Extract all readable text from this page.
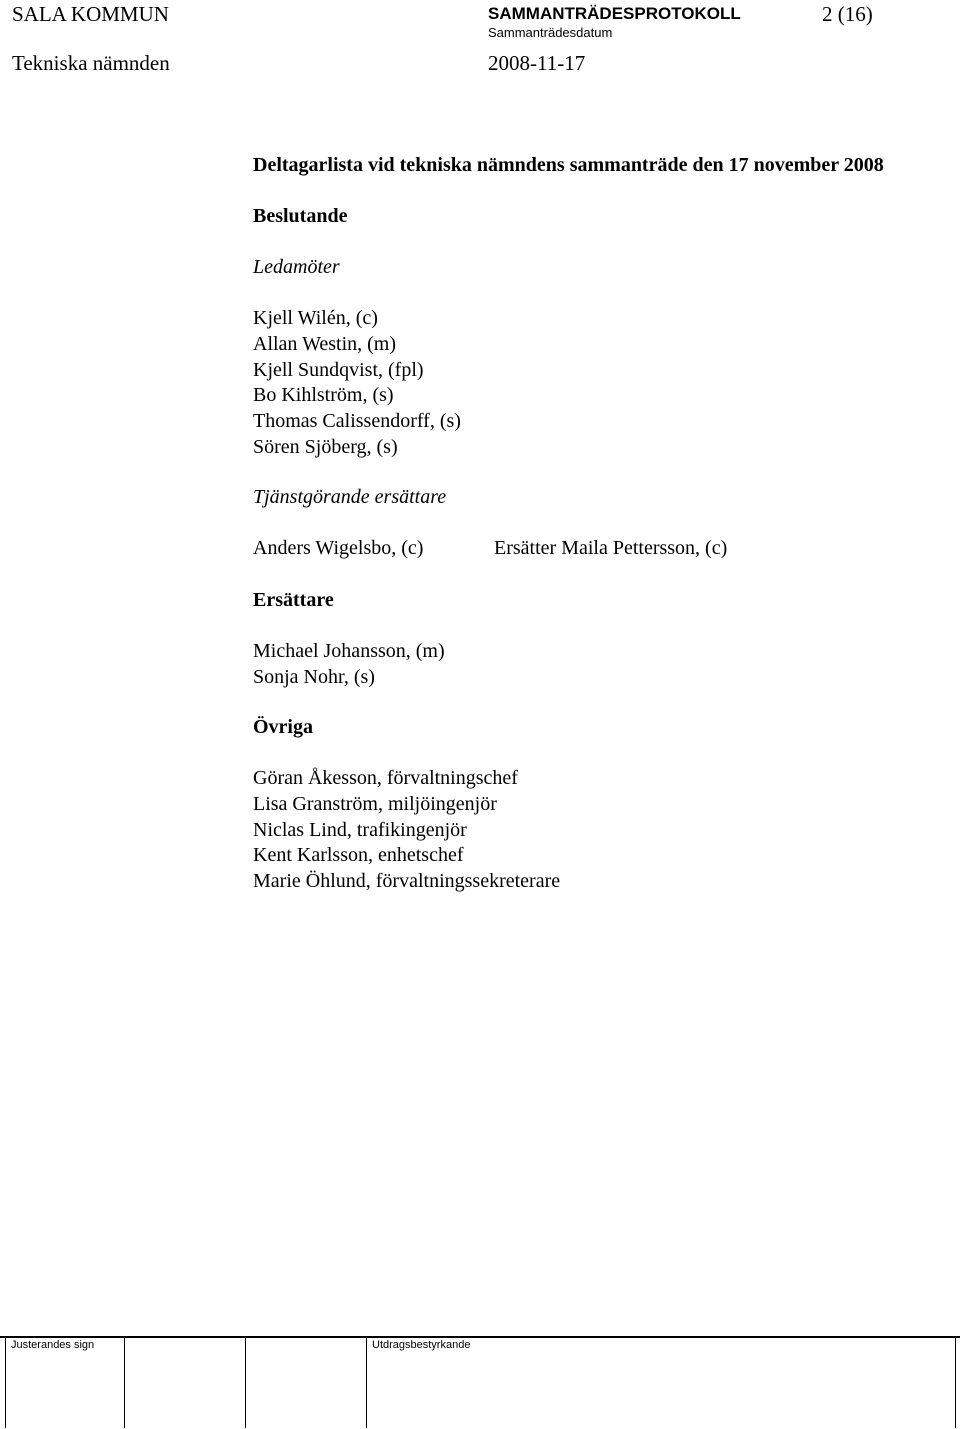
SALA KOMMUN	SAMMANTRÄDESPROTOKOLL	2 (16)
Sammanträdesdatum
Tekniska nämnden	2008-11-17
Deltagarlista vid tekniska nämndens sammanträde den 17 november 2008
Beslutande
Ledamöter
Kjell Wilén, (c)
Allan Westin, (m)
Kjell Sundqvist, (fpl)
Bo Kihlström, (s)
Thomas Calissendorff, (s)
Sören Sjöberg, (s)
Tjänstgörande ersättare
Anders Wigelsbo, (c)	Ersätter Maila Pettersson, (c)
Ersättare
Michael Johansson, (m)
Sonja Nohr, (s)
Övriga
Göran Åkesson, förvaltningschef
Lisa Granström, miljöingenjör
Niclas Lind, trafikingenjör
Kent Karlsson, enhetschef
Marie Öhlund, förvaltningssekreterare
Justerandes sign	Utdragsbestyrkande
